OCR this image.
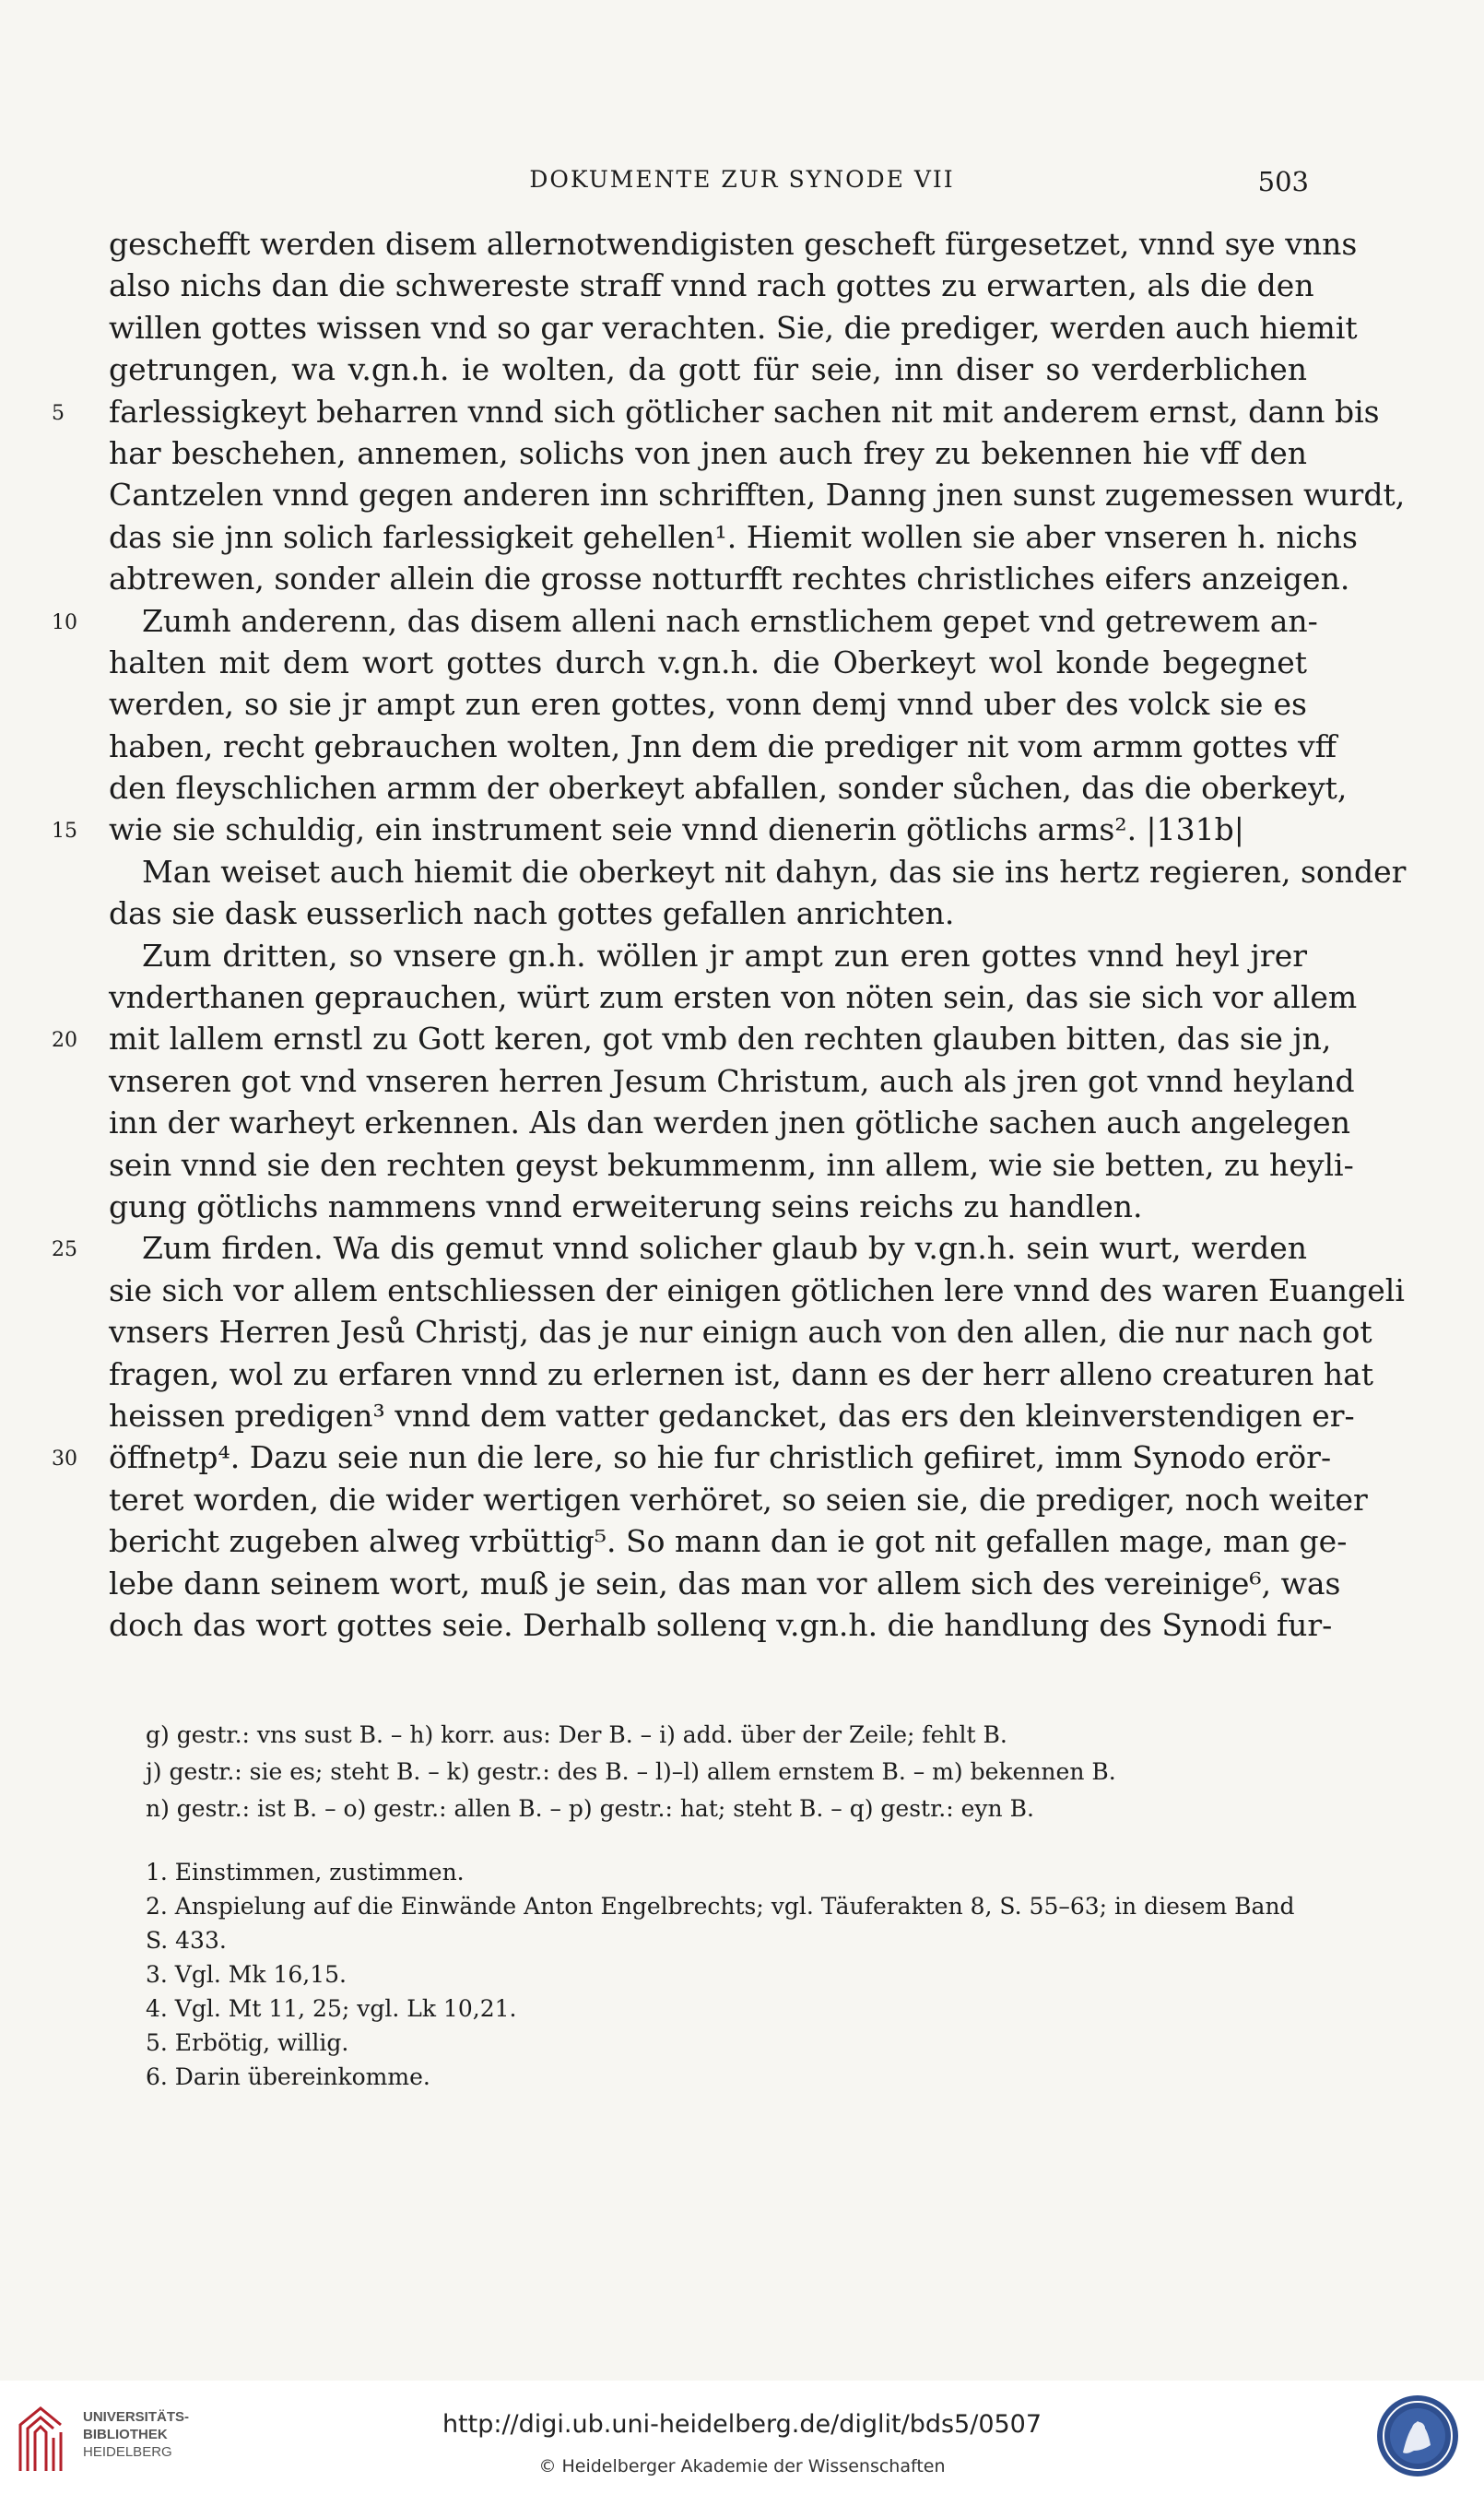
DOKUMENTE ZUR SYNODE VII	503
gescheﬀt werden disem allernotwendigisten gescheft fürgesetzet, vnnd sye vnns
also nichs dan die schwereste straﬀ vnnd rach gottes zu erwarten, als die den
willen gottes wissen vnd so gar verachten. Sie, die prediger, werden auch hiemit
getrungen, wa v.gn.h. ie wolten, da gott für seie, inn diser so verderblichen
5	farlessigkeyt beharren vnnd sich götlicher sachen nit mit anderem ernst, dann bis
har beschehen, annemen, solichs von jnen auch frey zu bekennen hie vﬀ den
Cantzelen vnnd gegen anderen inn schriﬀten, Danng jnen sunst zugemessen wurdt,
das sie jnn solich farlessigkeit gehellen¹. Hiemit wollen sie aber vnseren h. nichs
abtrewen, sonder allein die grosse notturﬀt rechtes christliches eifers anzeigen.
10	Zumh anderenn, das disem alleni nach ernstlichem gepet vnd getrewem an-
halten mit dem wort gottes durch v.gn.h. die Oberkeyt wol konde begegnet
werden, so sie jr ampt zun eren gottes, vonn demj vnnd uber des volck sie es
haben, recht gebrauchen wolten, Jnn dem die prediger nit vom armm gottes vﬀ
den ﬂeyschlichen armm der oberkeyt abfallen, sonder sůchen, das die oberkeyt,
15	wie sie schuldig, ein instrument seie vnnd dienerin götlichs arms². |131b|
Man weiset auch hiemit die oberkeyt nit dahyn, das sie ins hertz regieren, sonder
das sie dask eusserlich nach gottes gefallen anrichten.
Zum dritten, so vnsere gn.h. wöllen jr ampt zun eren gottes vnnd heyl jrer
vnderthanen geprauchen, würt zum ersten von nöten sein, das sie sich vor allem
20	mit lallem ernstl zu Gott keren, got vmb den rechten glauben bitten, das sie jn,
vnseren got vnd vnseren herren Jesum Christum, auch als jren got vnnd heyland
inn der warheyt erkennen. Als dan werden jnen götliche sachen auch angelegen
sein vnnd sie den rechten geyst bekummenm, inn allem, wie sie betten, zu heyli-
gung götlichs nammens vnnd erweiterung seins reichs zu handlen.
25	Zum ﬁrden. Wa dis gemut vnnd solicher glaub by v.gn.h. sein wurt, werden
sie sich vor allem entschliessen der einigen götlichen lere vnnd des waren Euangeli
vnsers Herren Jesů Christj, das je nur einign auch von den allen, die nur nach got
fragen, wol zu erfaren vnnd zu erlernen ist, dann es der herr alleno creaturen hat
heissen predigen³ vnnd dem vatter gedancket, das ers den kleinverstendigen er-
30	öﬀnetp⁴. Dazu seie nun die lere, so hie fur christlich geﬁiret, imm Synodo erör-
teret worden, die wider wertigen verhöret, so seien sie, die prediger, noch weiter
bericht zugeben alweg vrbüttig⁵. So mann dan ie got nit gefallen mage, man ge-
lebe dann seinem wort, muß je sein, das man vor allem sich des vereinige⁶, was
doch das wort gottes seie. Derhalb sollenq v.gn.h. die handlung des Synodi fur-
g) gestr.: vns sust B. – h) korr. aus: Der B. – i) add. über der Zeile; fehlt B.
j) gestr.: sie es; steht B. – k) gestr.: des B. – l)–l) allem ernstem B. – m) bekennen B.
n) gestr.: ist B. – o) gestr.: allen B. – p) gestr.: hat; steht B. – q) gestr.: eyn B.
1. Einstimmen, zustimmen.
2. Anspielung auf die Einwände Anton Engelbrechts; vgl. Täuferakten 8, S. 55–63; in diesem Band S. 433.
3. Vgl. Mk 16,15.
4. Vgl. Mt 11, 25; vgl. Lk 10,21.
5. Erbötig, willig.
6. Darin übereinkomme.
UNIVERSITÄTS-
BIBLIOTHEK
HEIDELBERG
http://digi.ub.uni-heidelberg.de/diglit/bds5/0507
© Heidelberger Akademie der Wissenschaften
